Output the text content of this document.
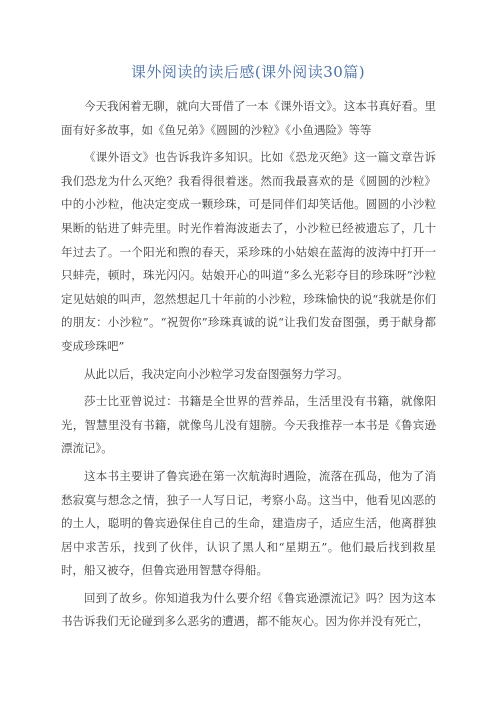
课外阅读的读后感(课外阅读30篇)

今天我闲着无聊，就向大哥借了一本《课外语文》。这本书真好看。里面有好多故事，如《鱼兄弟》《圆圆的沙粒》《小鱼遇险》等等

《课外语文》也告诉我许多知识。比如《恐龙灭绝》这一篇文章告诉我们恐龙为什么灭绝？我看得很着迷。然而我最喜欢的是《圆圆的沙粒》中的小沙粒，他决定变成一颗珍珠，可是同伴们却笑话他。圆圆的小沙粒果断的钻进了蚌壳里。时光作着海波逝去了，小沙粒已经被遗忘了，几十年过去了。一个阳光和煦的春天，采珍珠的小姑娘在蓝海的波涛中打开一只蚌壳，顿时，珠光闪闪。姑娘开心的叫道“多么光彩夺目的珍珠呀”沙粒定见姑娘的叫声，忽然想起几十年前的小沙粒，珍珠愉快的说“我就是你们的朋友：小沙粒”。“祝贺你”珍珠真诚的说“让我们发奋图强，勇于献身都变成珍珠吧”

从此以后，我决定向小沙粒学习发奋图强努力学习。

莎士比亚曾说过：书籍是全世界的营养品，生活里没有书籍，就像阳光，智慧里没有书籍，就像鸟儿没有翅膀。今天我推荐一本书是《鲁宾逊漂流记》。

这本书主要讲了鲁宾逊在第一次航海时遇险，流落在孤岛，他为了消愁寂寞与想念之情，独子一人写日记，考察小岛。这当中，他看见凶恶的的土人，聪明的鲁宾逊保住自己的生命，建造房子，适应生活，他离群独居中求苦乐，找到了伙伴，认识了黑人和“星期五”。他们最后找到救星时，船又被夺，但鲁宾逊用智慧夺得船。

回到了故乡。你知道我为什么要介绍《鲁宾逊漂流记》吗？因为这本书告诉我们无论碰到多么恶劣的遭遇，都不能灰心。因为你并没有死亡，
